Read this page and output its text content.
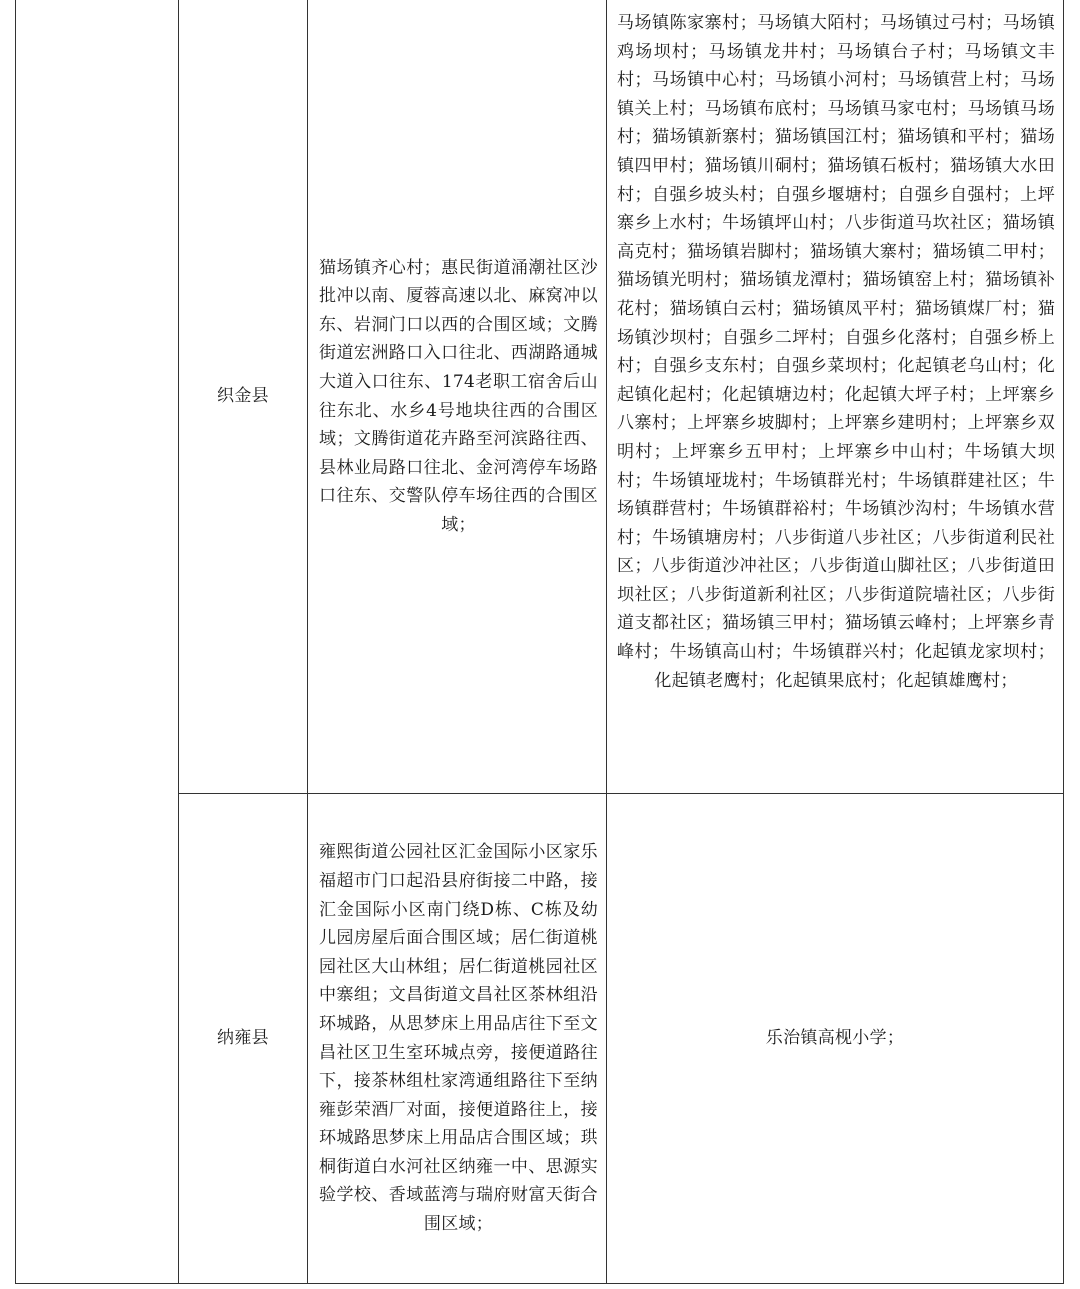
织金县
猫场镇齐心村；惠民街道涌潮社区沙批冲以南、厦蓉高速以北、麻窝冲以东、岩洞门口以西的合围区域；文腾街道宏洲路口入口往北、西湖路通城大道入口往东、174老职工宿舍后山往东北、水乡4号地块往西的合围区域；文腾街道花卉路至河滨路往西、县林业局路口往北、金河湾停车场路口往东、交警队停车场往西的合围区域；
马场镇陈家寨村；马场镇大陌村；马场镇过弓村；马场镇鸡场坝村；马场镇龙井村；马场镇台子村；马场镇文丰村；马场镇中心村；马场镇小河村；马场镇营上村；马场镇关上村；马场镇布底村；马场镇马家屯村；马场镇马场村；猫场镇新寨村；猫场镇国江村；猫场镇和平村；猫场镇四甲村；猫场镇川硐村；猫场镇石板村；猫场镇大水田村；自强乡坡头村；自强乡堰塘村；自强乡自强村；上坪寨乡上水村；牛场镇坪山村；八步街道马坎社区；猫场镇高克村；猫场镇岩脚村；猫场镇大寨村；猫场镇二甲村；猫场镇光明村；猫场镇龙潭村；猫场镇窑上村；猫场镇补花村；猫场镇白云村；猫场镇凤平村；猫场镇煤厂村；猫场镇沙坝村；自强乡二坪村；自强乡化落村；自强乡桥上村；自强乡支东村；自强乡菜坝村；化起镇老乌山村；化起镇化起村；化起镇塘边村；化起镇大坪子村；上坪寨乡八寨村；上坪寨乡坡脚村；上坪寨乡建明村；上坪寨乡双明村；上坪寨乡五甲村；上坪寨乡中山村；牛场镇大坝村；牛场镇垭垅村；牛场镇群光村；牛场镇群建社区；牛场镇群营村；牛场镇群裕村；牛场镇沙沟村；牛场镇水营村；牛场镇塘房村；八步街道八步社区；八步街道利民社区；八步街道沙冲社区；八步街道山脚社区；八步街道田坝社区；八步街道新利社区；八步街道院墙社区；八步街道支都社区；猫场镇三甲村；猫场镇云峰村；上坪寨乡青峰村；牛场镇高山村；牛场镇群兴村；化起镇龙家坝村；化起镇老鹰村；化起镇果底村；化起镇雄鹰村；
纳雍县
雍熙街道公园社区汇金国际小区家乐福超市门口起沿县府街接二中路，接汇金国际小区南门绕D栋、C栋及幼儿园房屋后面合围区域；居仁街道桃园社区大山林组；居仁街道桃园社区中寨组；文昌街道文昌社区茶林组沿环城路，从思梦床上用品店往下至文昌社区卫生室环城点旁，接便道路往下，接茶林组杜家湾通组路往下至纳雍彭荣酒厂对面，接便道路往上，接环城路思梦床上用品店合围区域；珙桐街道白水河社区纳雍一中、思源实验学校、香域蓝湾与瑞府财富天街合围区域；
乐治镇高枧小学；
